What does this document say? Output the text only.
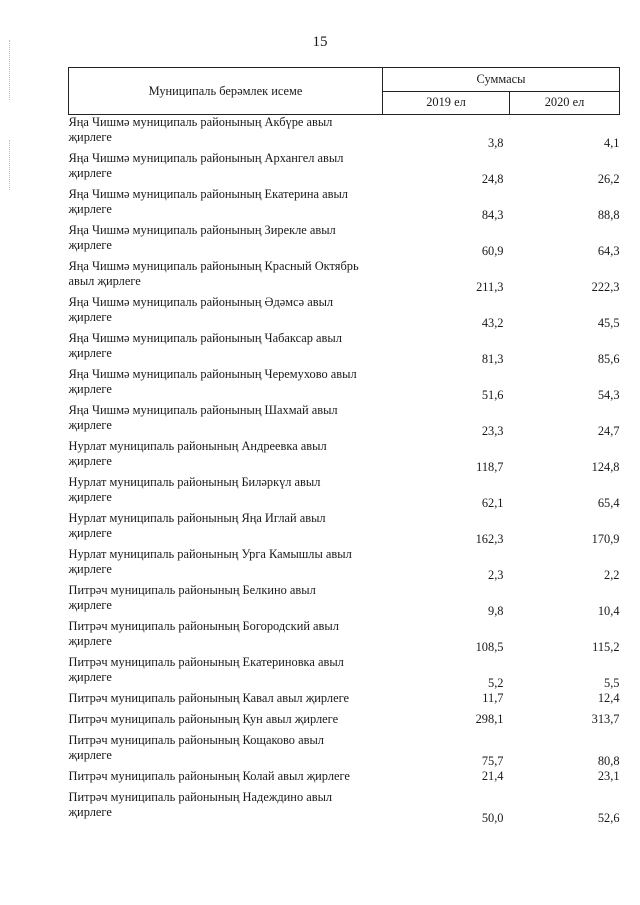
15
Муниципаль берәмлек исеме	Суммасы	
	2019 ел	2020 ел

Яңа Чишмә муниципаль районының Акбүре авыл
җирлеге	3,8	4,1

Яңа Чишмә муниципаль районының Архангел авыл
җирлеге	24,8	26,2

Яңа Чишмә муниципаль районының Екатерина авыл
җирлеге	84,3	88,8

Яңа Чишмә муниципаль районының Зирекле авыл
җирлеге	60,9	64,3

Яңа Чишмә муниципаль районының Красный Октябрь
авыл җирлеге	211,3	222,3

Яңа Чишмә муниципаль районының Әдәмсә авыл
җирлеге	43,2	45,5

Яңа Чишмә муниципаль районының Чабаксар авыл
җирлеге	81,3	85,6

Яңа Чишмә муниципаль районының Черемухово авыл
җирлеге	51,6	54,3

Яңа Чишмә муниципаль районының Шахмай авыл
җирлеге	23,3	24,7

Нурлат муниципаль районының Андреевка авыл
җирлеге	118,7	124,8

Нурлат муниципаль районының Биләркүл авыл
җирлеге	62,1	65,4

Нурлат муниципаль районының Яңа Иглай авыл
җирлеге	162,3	170,9

Нурлат муниципаль районының Урга Камышлы авыл
җирлеге	2,3	2,2

Питрәч муниципаль районының Белкино авыл
җирлеге	9,8	10,4

Питрәч муниципаль районының Богородский авыл
җирлеге	108,5	115,2

Питрәч муниципаль районының Екатериновка авыл
җирлеге	5,2	5,5

Питрәч муниципаль районының Кавал авыл җирлеге	11,7	12,4

Питрәч муниципаль районының Кун авыл җирлеге	298,1	313,7

Питрәч муниципаль районының Кощаково авыл
җирлеге	75,7	80,8

Питрәч муниципаль районының Колай авыл җирлеге	21,4	23,1

Питрәч муниципаль районының Надеждино авыл
җирлеге	50,0	52,6
